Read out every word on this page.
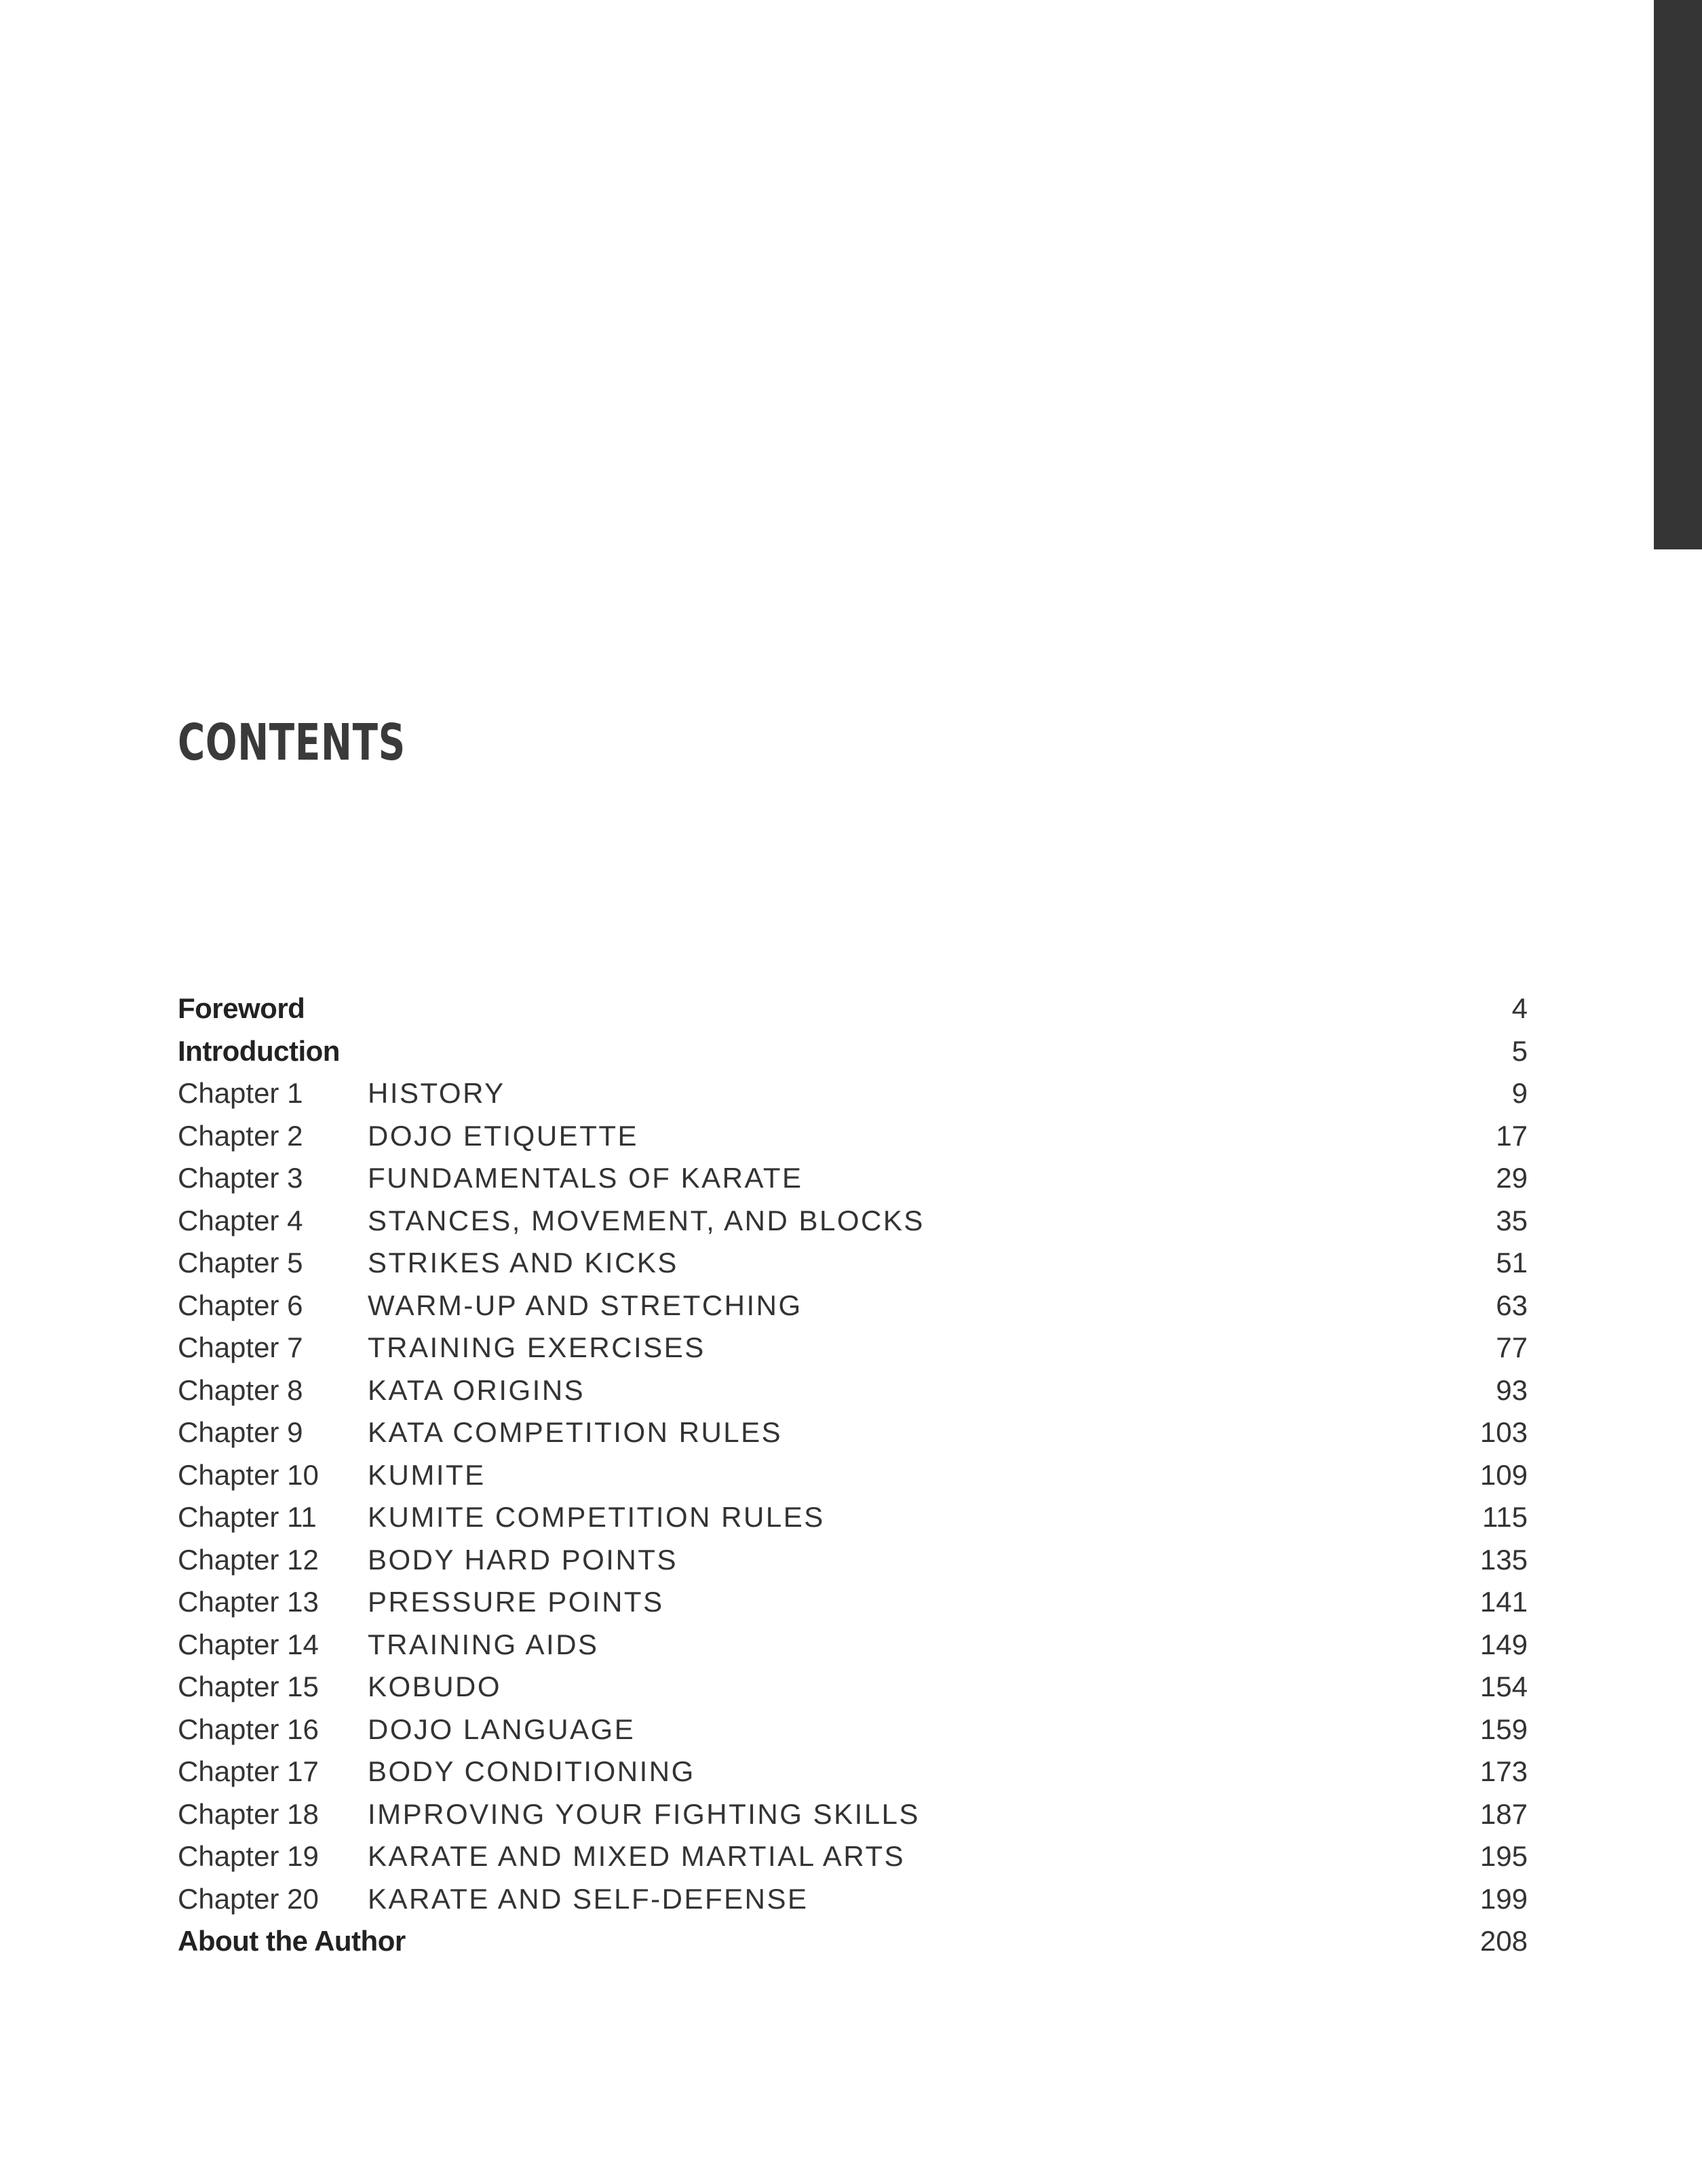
CONTENTS
Foreword	4
Introduction	5
Chapter 1 HISTORY	9
Chapter 2 DOJO ETIQUETTE	17
Chapter 3 FUNDAMENTALS OF KARATE	29
Chapter 4 STANCES, MOVEMENT, AND BLOCKS	35
Chapter 5 STRIKES AND KICKS	51
Chapter 6 WARM-UP AND STRETCHING	63
Chapter 7 TRAINING EXERCISES	77
Chapter 8 KATA ORIGINS	93
Chapter 9 KATA COMPETITION RULES	103
Chapter 10 KUMITE	109
Chapter 11 KUMITE COMPETITION RULES	115
Chapter 12 BODY HARD POINTS	135
Chapter 13 PRESSURE POINTS	141
Chapter 14 TRAINING AIDS	149
Chapter 15 KOBUDO	154
Chapter 16 DOJO LANGUAGE	159
Chapter 17 BODY CONDITIONING	173
Chapter 18 IMPROVING YOUR FIGHTING SKILLS	187
Chapter 19 KARATE AND MIXED MARTIAL ARTS	195
Chapter 20 KARATE AND SELF-DEFENSE	199
About the Author	208
